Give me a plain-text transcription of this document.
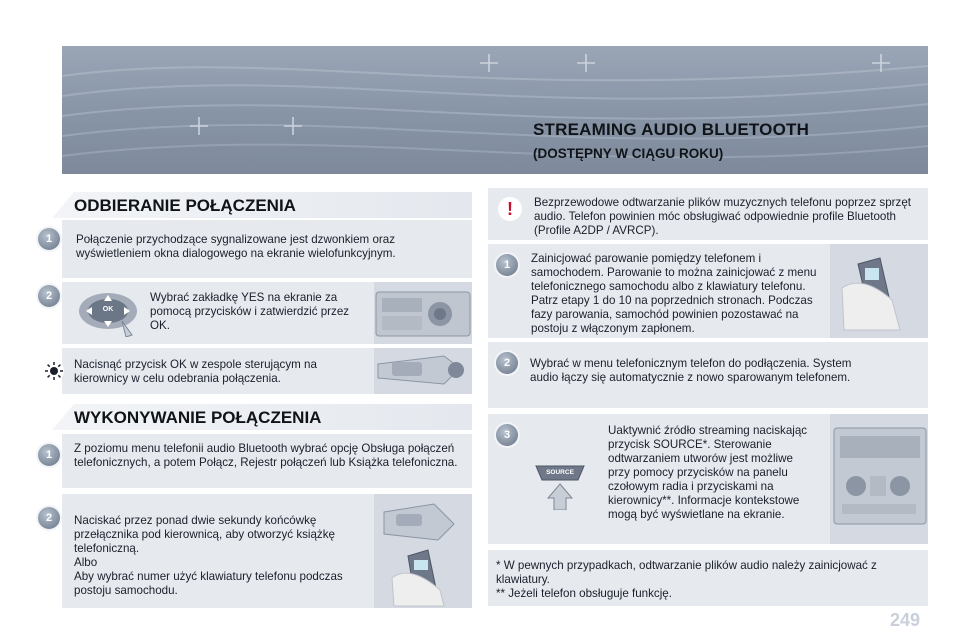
STREAMING AUDIO BLUETOOTH
(DOSTĘPNY W CIĄGU ROKU)
ODBIERANIE POŁĄCZENIA
1	Połączenie przychodzące sygnalizowane jest dzwonkiem oraz wyświetleniem okna dialogowego na ekranie wielofunkcyjnym.
2
OK
Wybrać zakładkę YES na ekranie za pomocą przycisków i zatwierdzić przez OK.
Nacisnąć przycisk OK w zespole sterującym na kierownicy w celu odebrania połączenia.
WYKONYWANIE POŁĄCZENIA
1	Z poziomu menu telefonii audio Bluetooth wybrać opcję Obsługa połączeń telefonicznych, a potem Połącz, Rejestr połączeń lub Książka telefoniczna.
2	Naciskać przez ponad dwie sekundy końcówkę przełącznika pod kierownicą, aby otworzyć książkę telefoniczną.
Albo
Aby wybrać numer użyć klawiatury telefonu podczas postoju samochodu.
!	Bezprzewodowe odtwarzanie plików muzycznych telefonu poprzez sprzęt audio. Telefon powinien móc obsługiwać odpowiednie profile Bluetooth (Profile A2DP / AVRCP).
1	Zainicjować parowanie pomiędzy telefonem i samochodem. Parowanie to można zainicjować z menu telefonicznego samochodu albo z klawiatury telefonu. Patrz etapy 1 do 10 na poprzednich stronach. Podczas fazy parowania, samochód powinien pozostawać na postoju z włączonym zapłonem.
2	Wybrać w menu telefonicznym telefon do podłączenia. System audio łączy się automatycznie z nowo sparowanym telefonem.
3
SOURCE
Uaktywnić źródło streaming naciskając przycisk SOURCE*. Sterowanie odtwarzaniem utworów jest możliwe przy pomocy przycisków na panelu czołowym radia i przyciskami na kierownicy**. Informacje kontekstowe mogą być wyświetlane na ekranie.
* W pewnych przypadkach, odtwarzanie plików audio należy zainicjować z klawiatury.
** Jeżeli telefon obsługuje funkcję.
249
